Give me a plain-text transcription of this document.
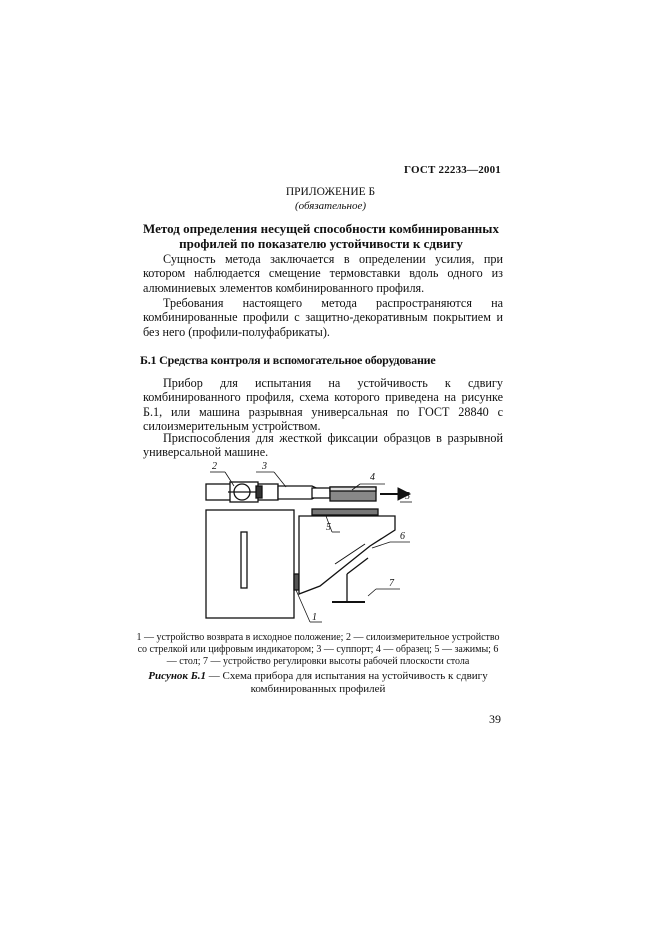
ГОСТ 22233—2001
ПРИЛОЖЕНИЕ Б
(обязательное)
Метод определения несущей способности комбинированных профилей по показателю устойчивости к сдвигу
Сущность метода заключается в определении усилия, при котором наблюдается смещение термовставки вдоль одного из алюминиевых элементов комбинированного профиля.
Требования настоящего метода распространяются на комбинированные профили с защитно-декоративным покрытием и без него (профили-полуфабрикаты).
Б.1 Средства контроля и вспомогательное оборудование
Прибор для испытания на устойчивость к сдвигу комбинированного профиля, схема которого приведена на рисунке Б.1, или машина разрывная универсальная по ГОСТ 28840 с силоизмерительным устройством.
Приспособления для жесткой фиксации образцов в разрывной универсальной машине.
2	3
4
5
5
6
7
1
1 — устройство возврата в исходное положение; 2 — силоизмерительное устройство со стрелкой или цифровым индикатором; 3 — суппорт; 4 — образец; 5 — зажимы; 6 — стол; 7 — устройство регулировки высоты рабочей плоскости стола
Рисунок Б.1 — Схема прибора для испытания на устойчивость к сдвигу комбинированных профилей
39
